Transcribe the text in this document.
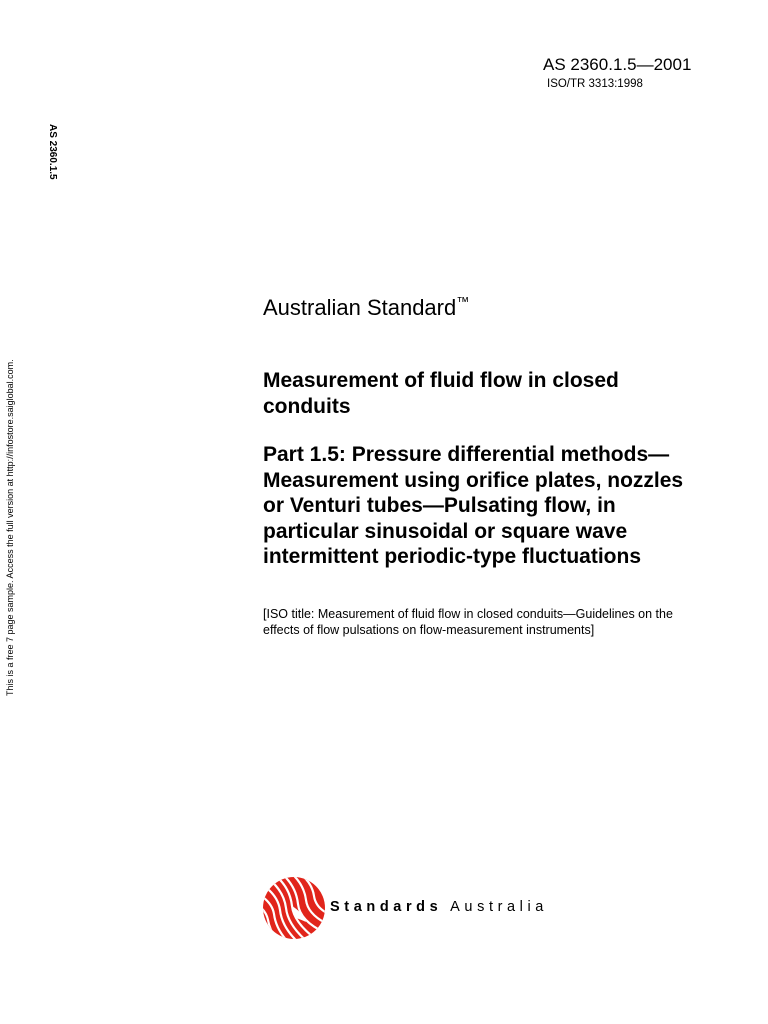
AS 2360.1.5—2001
ISO/TR 3313:1998
AS 2360.1.5
This is a free 7 page sample. Access the full version at http://infostore.saiglobal.com.
Australian Standard™
Measurement of fluid flow in closed conduits
Part 1.5: Pressure differential methods—Measurement using orifice plates, nozzles or Venturi tubes—Pulsating flow, in particular sinusoidal or square wave intermittent periodic-type fluctuations
[ISO title: Measurement of fluid flow in closed conduits—Guidelines on the effects of flow pulsations on flow-measurement instruments]
Standards Australia
